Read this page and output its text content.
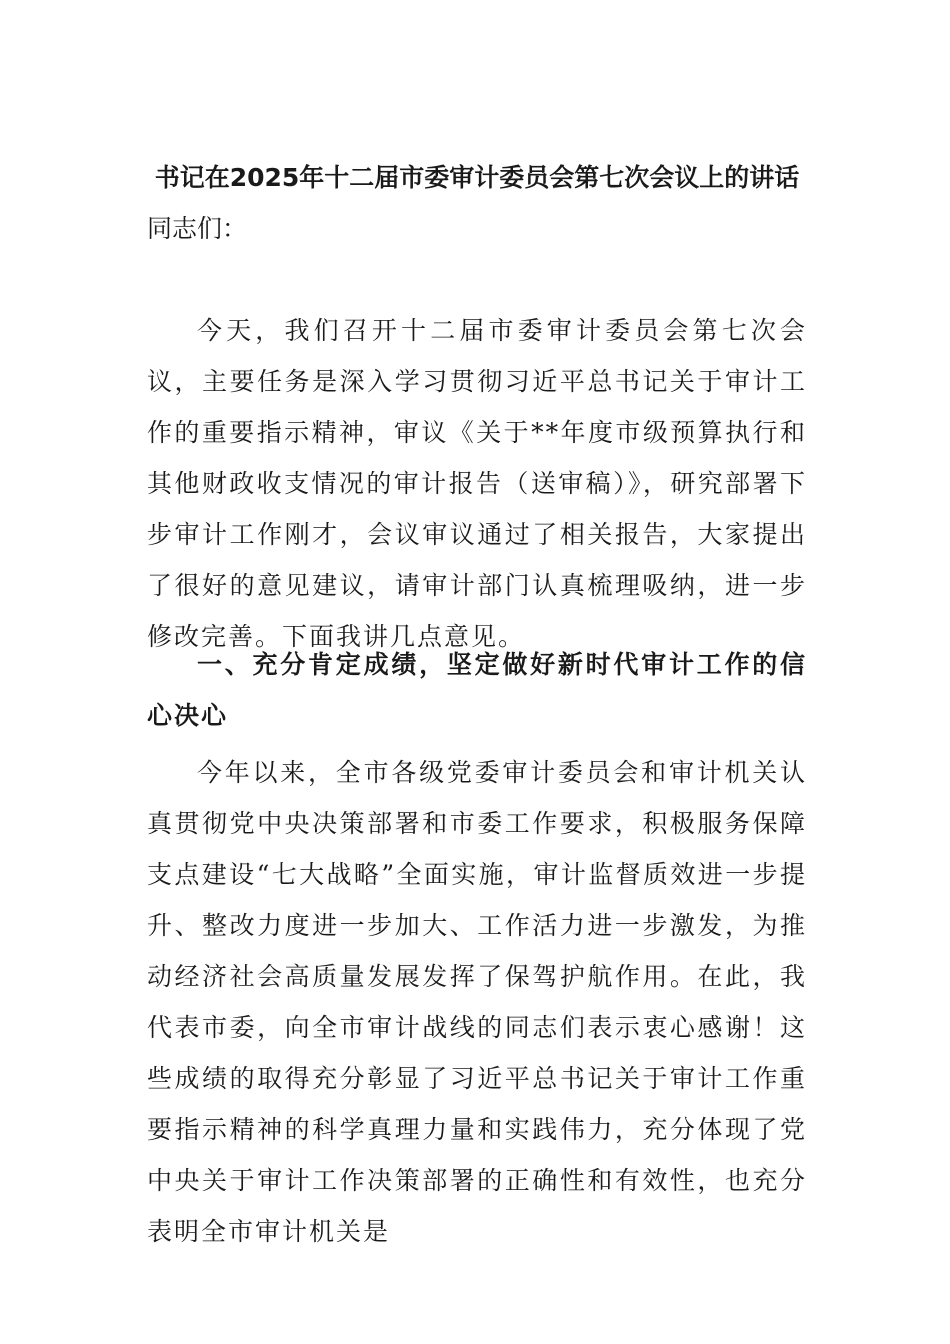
书记在2025年十二届市委审计委员会第七次会议上的讲话

同志们：

今天，我们召开十二届市委审计委员会第七次会议，主要任务是深入学习贯彻习近平总书记关于审计工作的重要指示精神，审议《关于**年度市级预算执行和其他财政收支情况的审计报告（送审稿）》，研究部署下步审计工作刚才，会议审议通过了相关报告，大家提出了很好的意见建议，请审计部门认真梳理吸纳，进一步修改完善。下面我讲几点意见。

一、充分肯定成绩，坚定做好新时代审计工作的信心决心

今年以来，全市各级党委审计委员会和审计机关认真贯彻党中央决策部署和市委工作要求，积极服务保障支点建设“七大战略”全面实施，审计监督质效进一步提升、整改力度进一步加大、工作活力进一步激发，为推动经济社会高质量发展发挥了保驾护航作用。在此，我代表市委，向全市审计战线的同志们表示衷心感谢！这些成绩的取得充分彰显了习近平总书记关于审计工作重要指示精神的科学真理力量和实践伟力，充分体现了党中央关于审计工作决策部署的正确性和有效性，也充分表明全市审计机关是
